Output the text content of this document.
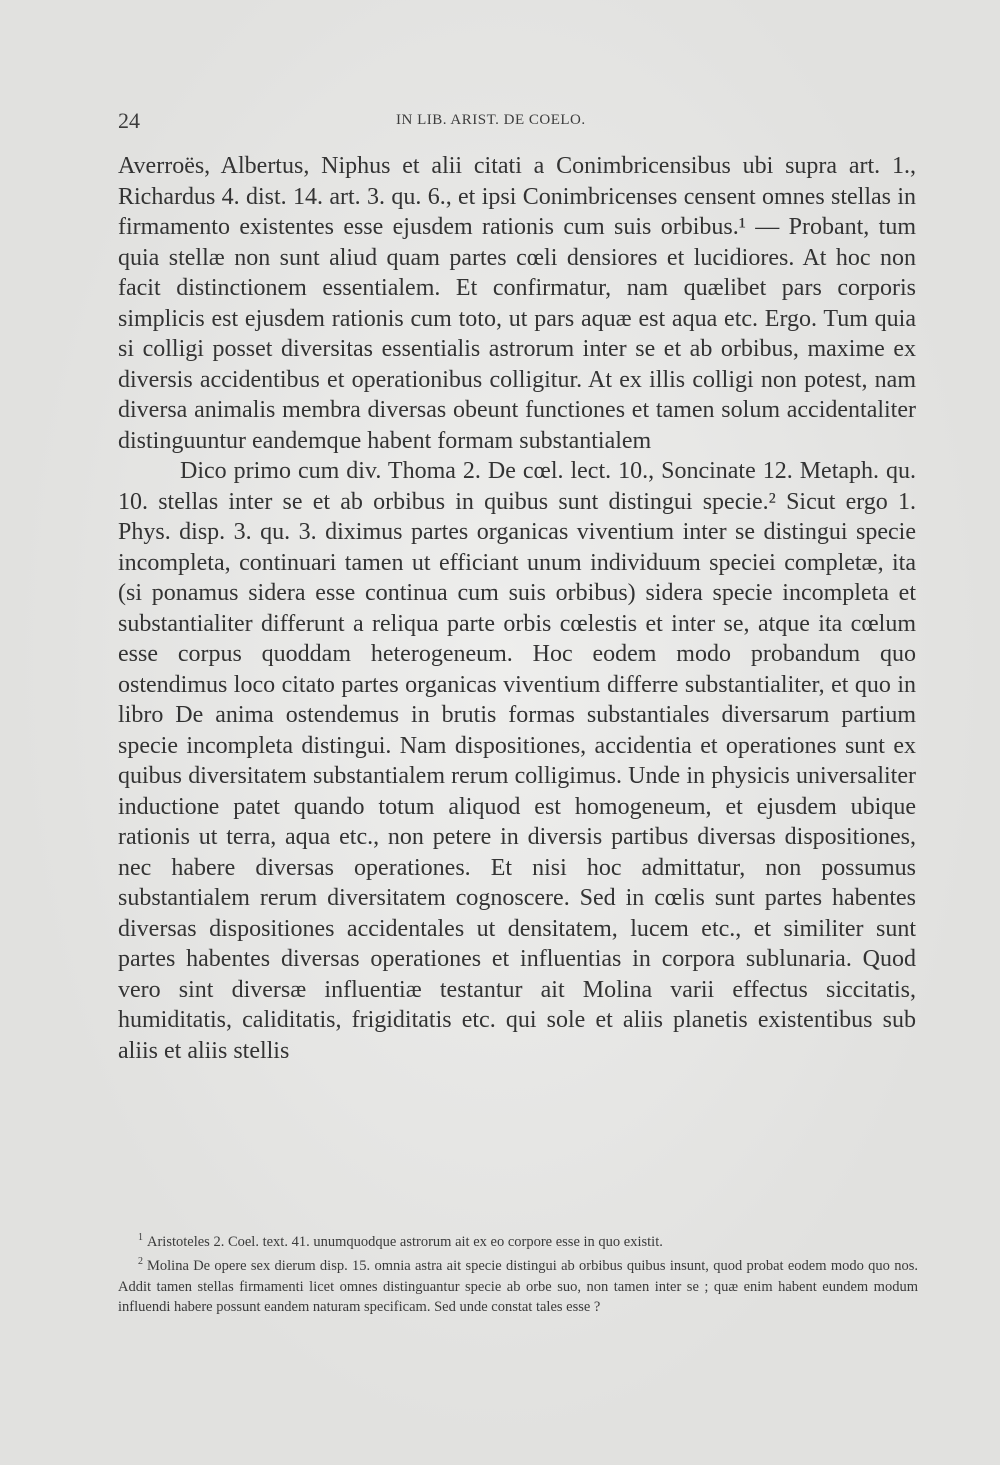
24	IN LIB. ARIST. DE COELO.

Averroës, Albertus, Niphus et alii citati a Conimbricensibus ubi supra art. 1., Richardus 4. dist. 14. art. 3. qu. 6., et ipsi Conimbricenses censent omnes stellas in firmamento existentes esse ejusdem rationis cum suis orbibus.¹ — Probant, tum quia stellæ non sunt aliud quam partes cœli densiores et lucidiores. At hoc non facit distinctionem essentialem. Et confirmatur, nam quælibet pars corporis simplicis est ejusdem rationis cum toto, ut pars aquæ est aqua etc. Ergo. Tum quia si colligi posset diversitas essentialis astrorum inter se et ab orbibus, maxime ex diversis accidentibus et operationibus colligitur. At ex illis colligi non potest, nam diversa animalis membra diversas obeunt functiones et tamen solum accidentaliter distinguuntur eandemque habent formam substantialem

Dico primo cum div. Thoma 2. De cœl. lect. 10., Soncinate 12. Metaph. qu. 10. stellas inter se et ab orbibus in quibus sunt distingui specie.² Sicut ergo 1. Phys. disp. 3. qu. 3. diximus partes organicas viventium inter se distingui specie incompleta, continuari tamen ut efficiant unum individuum speciei completæ, ita (si ponamus sidera esse continua cum suis orbibus) sidera specie incompleta et substantialiter differunt a reliqua parte orbis cœlestis et inter se, atque ita cœlum esse corpus quoddam heterogeneum. Hoc eodem modo probandum quo ostendimus loco citato partes organicas viventium differre substantialiter, et quo in libro De anima ostendemus in brutis formas substantiales diversarum partium specie incompleta distingui. Nam dispositiones, accidentia et operationes sunt ex quibus diversitatem substantialem rerum colligimus. Unde in physicis universaliter inductione patet quando totum aliquod est homogeneum, et ejusdem ubique rationis ut terra, aqua etc., non petere in diversis partibus diversas dispositiones, nec habere diversas operationes. Et nisi hoc admittatur, non possumus substantialem rerum diversitatem cognoscere. Sed in cœlis sunt partes habentes diversas dispositiones accidentales ut densitatem, lucem etc., et similiter sunt partes habentes diversas operationes et influentias in corpora sublunaria. Quod vero sint diversæ influentiæ testantur ait Molina varii effectus siccitatis, humiditatis, caliditatis, frigiditatis etc. qui sole et aliis planetis existentibus sub aliis et aliis stellis

$^1$ Aristoteles 2. Coel. text. 41. unumquodque astrorum ait ex eo corpore esse in quo existit.

$^2$ Molina De opere sex dierum disp. 15. omnia astra ait specie distingui ab orbibus quibus insunt, quod probat eodem modo quo nos. Addit tamen stellas firmamenti licet omnes distinguantur specie ab orbe suo, non tamen inter se ; quæ enim habent eundem modum influendi habere possunt eandem naturam specificam. Sed unde constat tales esse ?
